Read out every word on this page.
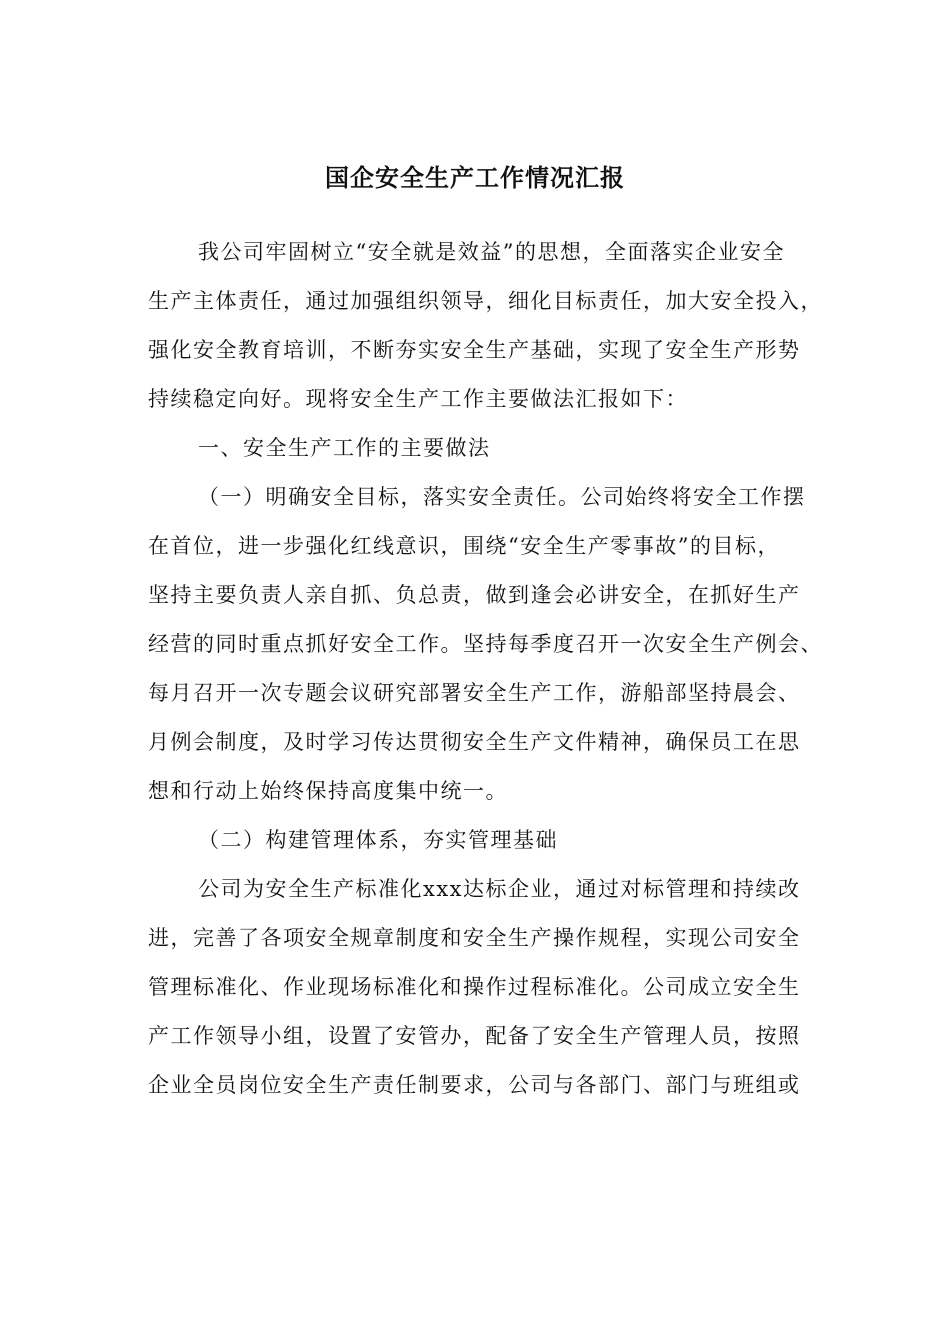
国企安全生产工作情况汇报
我公司牢固树立“安全就是效益”的思想，全面落实企业安全
生产主体责任，通过加强组织领导，细化目标责任，加大安全投入，
强化安全教育培训，不断夯实安全生产基础，实现了安全生产形势
持续稳定向好。现将安全生产工作主要做法汇报如下：
一、安全生产工作的主要做法
（一）明确安全目标，落实安全责任。公司始终将安全工作摆
在首位，进一步强化红线意识，围绕“安全生产零事故”的目标，
坚持主要负责人亲自抓、负总责，做到逢会必讲安全，在抓好生产
经营的同时重点抓好安全工作。坚持每季度召开一次安全生产例会、
每月召开一次专题会议研究部署安全生产工作，游船部坚持晨会、
月例会制度，及时学习传达贯彻安全生产文件精神，确保员工在思
想和行动上始终保持高度集中统一。
（二）构建管理体系，夯实管理基础
公司为安全生产标准化xxx达标企业，通过对标管理和持续改
进，完善了各项安全规章制度和安全生产操作规程，实现公司安全
管理标准化、作业现场标准化和操作过程标准化。公司成立安全生
产工作领导小组，设置了安管办，配备了安全生产管理人员，按照
企业全员岗位安全生产责任制要求，公司与各部门、部门与班组或
